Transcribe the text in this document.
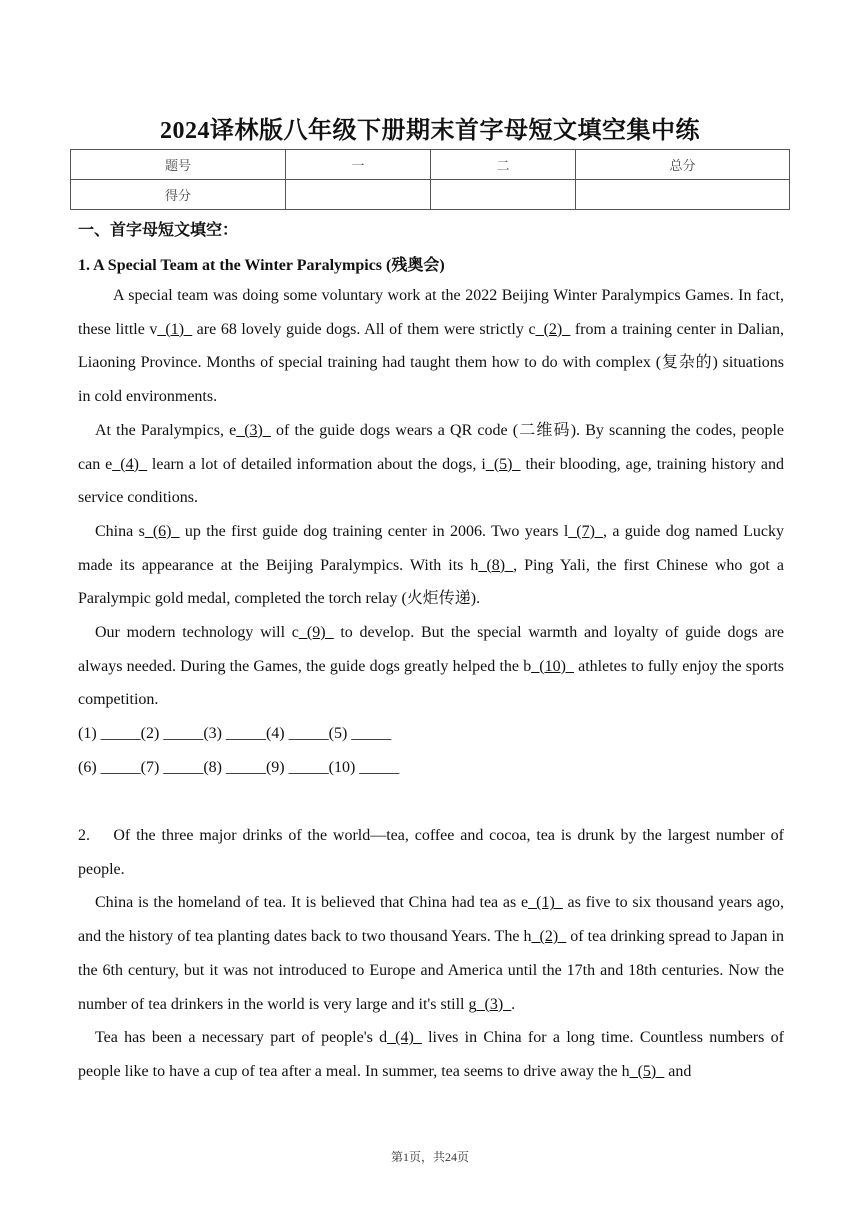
2024译林版八年级下册期末首字母短文填空集中练
题号	一	二	总分
得分			
一、首字母短文填空：
1. A Special Team at the Winter Paralympics (残奥会)

A special team was doing some voluntary work at the 2022 Beijing Winter Paralympics Games. In fact, these little v_(1)_ are 68 lovely guide dogs. All of them were strictly c_(2)_ from a training center in Dalian, Liaoning Province. Months of special training had taught them how to do with complex (复杂的) situations in cold environments.

At the Paralympics, e_(3)_ of the guide dogs wears a QR code (二维码). By scanning the codes, people can e_(4)_ learn a lot of detailed information about the dogs, i_(5)_ their blooding, age, training history and service conditions.

China s_(6)_ up the first guide dog training center in 2006. Two years l_(7)_, a guide dog named Lucky made its appearance at the Beijing Paralympics. With its h_(8)_, Ping Yali, the first Chinese who got a Paralympic gold medal, completed the torch relay (火炬传递).

Our modern technology will c_(9)_ to develop. But the special warmth and loyalty of guide dogs are always needed. During the Games, the guide dogs greatly helped the b_(10)_ athletes to fully enjoy the sports competition.

(1) _____(2) _____(3) _____(4) _____(5) _____
(6) _____(7) _____(8) _____(9) _____(10) _____

2.    Of the three major drinks of the world—tea, coffee and cocoa, tea is drunk by the largest number of people.

China is the homeland of tea. It is believed that China had tea as e_(1)_ as five to six thousand years ago, and the history of tea planting dates back to two thousand Years. The h_(2)_ of tea drinking spread to Japan in the 6th century, but it was not introduced to Europe and America until the 17th and 18th centuries. Now the number of tea drinkers in the world is very large and it's still g_(3)_.

Tea has been a necessary part of people's d_(4)_ lives in China for a long time. Countless numbers of people like to have a cup of tea after a meal. In summer, tea seems to drive away the h_(5)_ and

第1页，共24页
